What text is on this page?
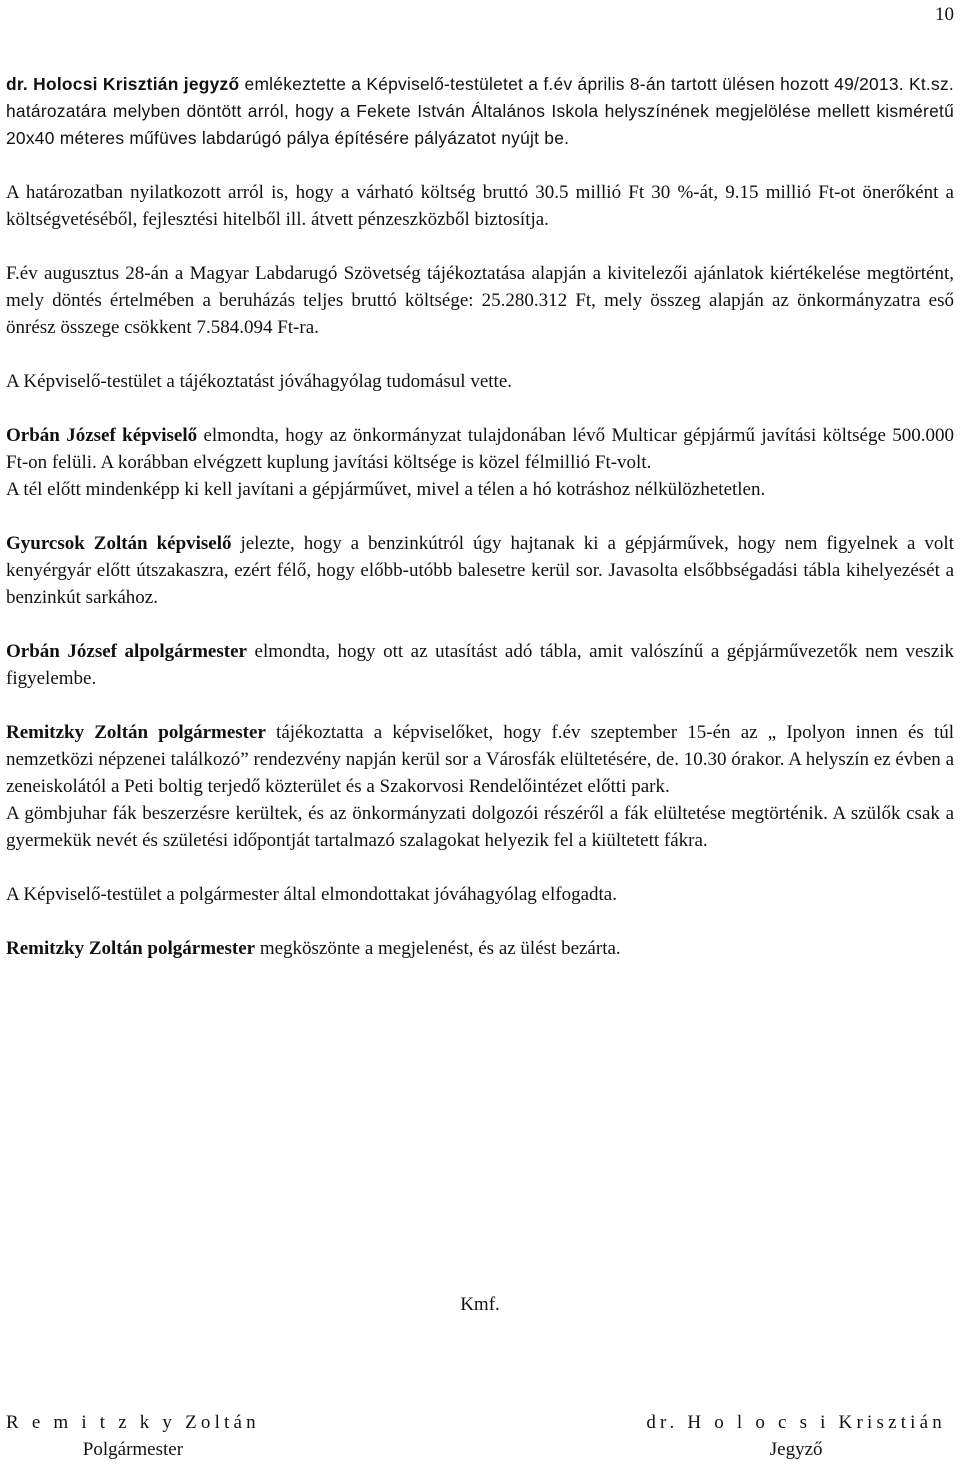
10

dr. Holocsi Krisztián jegyző emlékeztette a Képviselő-testületet a f.év április 8-án tartott ülésen hozott 49/2013. Kt.sz. határozatára melyben döntött arról, hogy a Fekete István Általános Iskola helyszínének megjelölése mellett kisméretű 20x40 méteres műfüves labdarúgó pálya építésére pályázatot nyújt be.

A határozatban nyilatkozott arról is, hogy a várható költség bruttó 30.5 millió Ft 30 %-át, 9.15 millió Ft-ot önerőként a költségvetéséből, fejlesztési hitelből ill. átvett pénzeszközből biztosítja.

F.év augusztus 28-án a Magyar Labdarugó Szövetség tájékoztatása alapján a kivitelezői ajánlatok kiértékelése megtörtént, mely döntés értelmében a beruházás teljes bruttó költsége: 25.280.312 Ft, mely összeg alapján az önkormányzatra eső önrész összege csökkent 7.584.094 Ft-ra.

A Képviselő-testület a tájékoztatást jóváhagyólag tudomásul vette.

Orbán József képviselő elmondta, hogy az önkormányzat tulajdonában lévő Multicar gépjármű javítási költsége 500.000 Ft-on felüli. A korábban elvégzett kuplung javítási költsége is közel félmillió Ft-volt.

A tél előtt mindenképp ki kell javítani a gépjárművet, mivel a télen a hó kotráshoz nélkülözhetetlen.

Gyurcsok Zoltán képviselő jelezte, hogy a benzinkútról úgy hajtanak ki a gépjárművek, hogy nem figyelnek a volt kenyérgyár előtt útszakaszra, ezért félő, hogy előbb-utóbb balesetre kerül sor. Javasolta elsőbbségadási tábla kihelyezését a benzinkút sarkához.

Orbán József alpolgármester elmondta, hogy ott az utasítást adó tábla, amit valószínű a gépjárművezetők nem veszik figyelembe.

Remitzky Zoltán polgármester tájékoztatta a képviselőket, hogy f.év szeptember 15-én az „ Ipolyon innen és túl nemzetközi népzenei találkozó” rendezvény napján kerül sor a Városfák elültetésére, de. 10.30 órakor. A helyszín ez évben a zeneiskolától a Peti boltig terjedő közterület és a Szakorvosi Rendelőintézet előtti park.

A gömbjuhar fák beszerzésre kerültek, és az önkormányzati dolgozói részéről a fák elültetése megtörténik. A szülők csak a gyermekük nevét és születési időpontját tartalmazó szalagokat helyezik fel a kiültetett fákra.

A Képviselő-testület a polgármester által elmondottakat jóváhagyólag elfogadta.

Remitzky Zoltán polgármester megköszönte a megjelenést, és az ülést bezárta.

Kmf.
R e m i t z k y Zoltán
Polgármester
dr. H o l o c s i Krisztián
Jegyző
